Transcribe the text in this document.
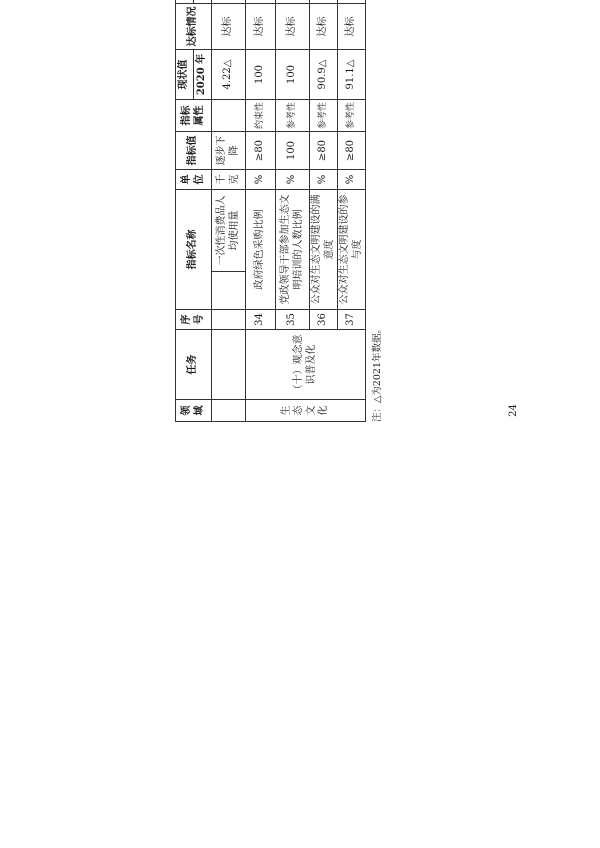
领域	任务	序号	指标名称		单位	指标值	指标属性	现状值	达标情况		
								2020 年			
				一次性消费品人均使用量	千克	逐步下降		4.22△	达标				
生态文化	（十）观念意识普及化	34	政府绿色采购比例		%	≥80	约束性	100	达标				
		35	党政领导干部参加生态文明培训的人数比例		%	100	参考性	100	达标				
		36	公众对生态文明建设的满意度		%	≥80	参考性	90.9△	达标				
		37	公众对生态文明建设的参与度		%	≥80	参考性	91.1△	达标				
注：△为2021年数据。	24
